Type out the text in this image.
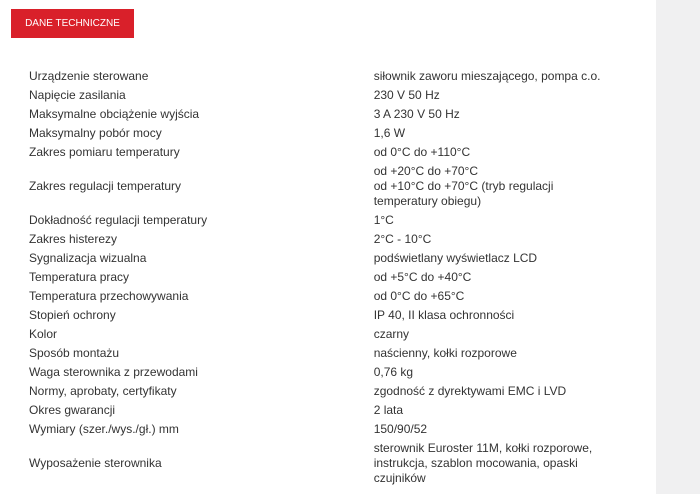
DANE TECHNICZNE
Urządzenie sterowane	siłownik zaworu mieszającego, pompa c.o.

Napięcie zasilania	230 V 50 Hz

Maksymalne obciążenie wyjścia	3 A 230 V 50 Hz

Maksymalny pobór mocy	1,6 W

Zakres pomiaru temperatury	od 0°C do +110°C

Zakres regulacji temperatury	od +20°C do +70°C
od +10°C do +70°C (tryb regulacji
temperatury obiegu)

Dokładność regulacji temperatury	1°C

Zakres histerezy	2°C - 10°C

Sygnalizacja wizualna	podświetlany wyświetlacz LCD

Temperatura pracy	od +5°C do +40°C

Temperatura przechowywania	od 0°C do +65°C

Stopień ochrony	IP 40, II klasa ochronności

Kolor	czarny

Sposób montażu	naścienny, kołki rozporowe

Waga sterownika z przewodami	0,76 kg

Normy, aprobaty, certyfikaty	zgodność z dyrektywami EMC i LVD

Okres gwarancji	2 lata

Wymiary (szer./wys./gł.) mm	150/90/52

Wyposażenie sterownika	sterownik Euroster 11M, kołki rozporowe,
instrukcja, szablon mocowania, opaski
czujników
